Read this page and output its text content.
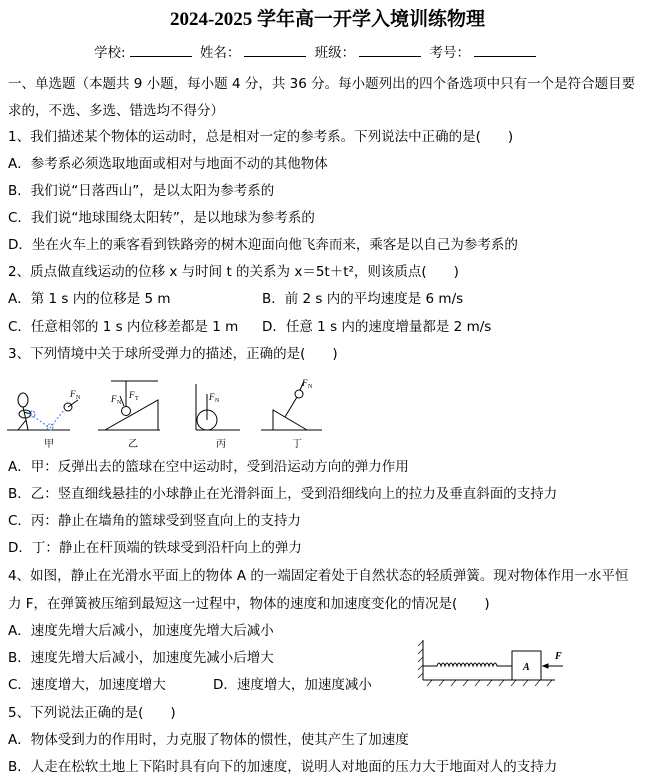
2024-2025 学年高一开学入境训练物理
学校:	姓名：	班级：	考号：
一、单选题（本题共 9 小题，每小题 4 分，共 36 分。每小题列出的四个备选项中只有一个是符合题目要
求的，不选、多选、错选均不得分）
1、我们描述某个物体的运动时，总是相对一定的参考系。下列说法中正确的是(　　)
A．参考系必须选取地面或相对与地面不动的其他物体
B．我们说“日落西山”，是以太阳为参考系的
C．我们说“地球围绕太阳转”，是以地球为参考系的
D．坐在火车上的乘客看到铁路旁的树木迎面向他飞奔而来，乘客是以自己为参考系的
2、质点做直线运动的位移 x 与时间 t 的关系为 x＝5t＋t²，则该质点(　　)
A．第 1 s 内的位移是 5 m	B．前 2 s 内的平均速度是 6 m/s
C．任意相邻的 1 s 内位移差都是 1 m D．任意 1 s 内的速度增量都是 2 m/s
3、下列情境中关于球所受弹力的描述，正确的是(　　)
F N	F N
F T	F N
F N
甲	乙	丙	丁
A．甲：反弹出去的篮球在空中运动时，受到沿运动方向的弹力作用
B．乙：竖直细线悬挂的小球静止在光滑斜面上，受到沿细线向上的拉力及垂直斜面的支持力
C．丙：静止在墙角的篮球受到竖直向上的支持力
D．丁：静止在杆顶端的铁球受到沿杆向上的弹力
4、如图，静止在光滑水平面上的物体 A 的一端固定着处于自然状态的轻质弹簧。现对物体作用一水平恒
力 F，在弹簧被压缩到最短这一过程中，物体的速度和加速度变化的情况是(　　)
A．速度先增大后减小，加速度先增大后减小
B．速度先增大后减小，加速度先减小后增大
C．速度增大，加速度增大	D．速度增大，加速度减小
A
F
5、下列说法正确的是(　　)
A．物体受到力的作用时，力克服了物体的惯性，使其产生了加速度
B．人走在松软土地上下陷时具有向下的加速度，说明人对地面的压力大于地面对人的支持力
